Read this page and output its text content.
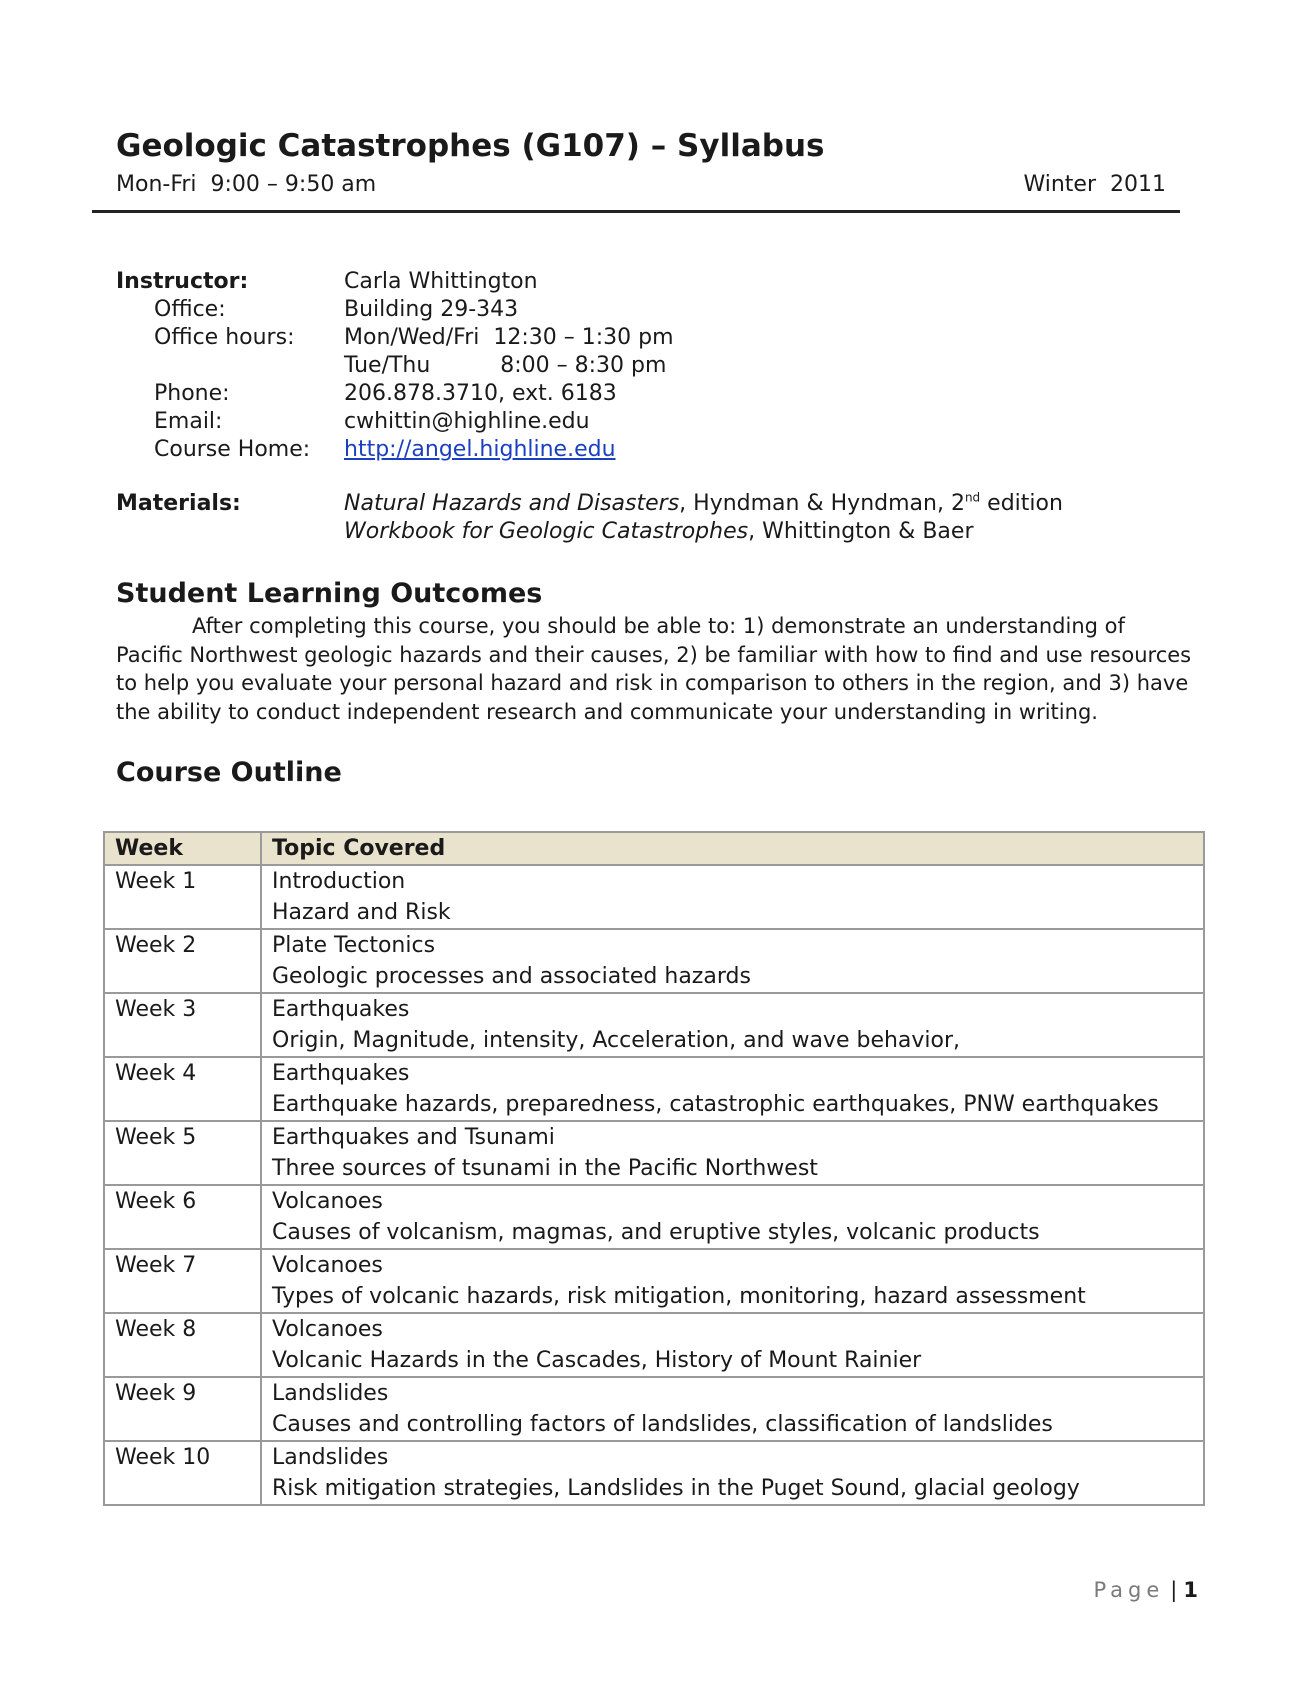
Geologic Catastrophes (G107) – Syllabus
Mon-Fri  9:00 – 9:50 am	Winter  2011
Instructor:	Carla Whittington
Office:	Building 29-343
Office hours: Mon/Wed/Fri  12:30 – 1:30 pm
Tue/Thu          8:00 – 8:30 pm
Phone:	206.878.3710, ext. 6183
Email:	cwhittin@highline.edu
Course Home: http://angel.highline.edu
Materials:	Natural Hazards and Disasters, Hyndman & Hyndman, 2nd edition
Workbook for Geologic Catastrophes, Whittington & Baer
Student Learning Outcomes
After completing this course, you should be able to: 1) demonstrate an understanding of
Pacific Northwest geologic hazards and their causes, 2) be familiar with how to find and use resources
to help you evaluate your personal hazard and risk in comparison to others in the region, and 3) have
the ability to conduct independent research and communicate your understanding in writing.
Course Outline
Week	Topic Covered
Week 1	Introduction
Hazard and Risk

Week 2	Plate Tectonics
Geologic processes and associated hazards

Week 3	Earthquakes
Origin, Magnitude, intensity, Acceleration, and wave behavior,

Week 4	Earthquakes
Earthquake hazards, preparedness, catastrophic earthquakes, PNW earthquakes

Week 5	Earthquakes and Tsunami
Three sources of tsunami in the Pacific Northwest

Week 6	Volcanoes
Causes of volcanism, magmas, and eruptive styles, volcanic products

Week 7	Volcanoes
Types of volcanic hazards, risk mitigation, monitoring, hazard assessment

Week 8	Volcanoes
Volcanic Hazards in the Cascades, History of Mount Rainier

Week 9	Landslides
Causes and controlling factors of landslides, classification of landslides

Week 10	Landslides
Risk mitigation strategies, Landslides in the Puget Sound, glacial geology
Page | 1
